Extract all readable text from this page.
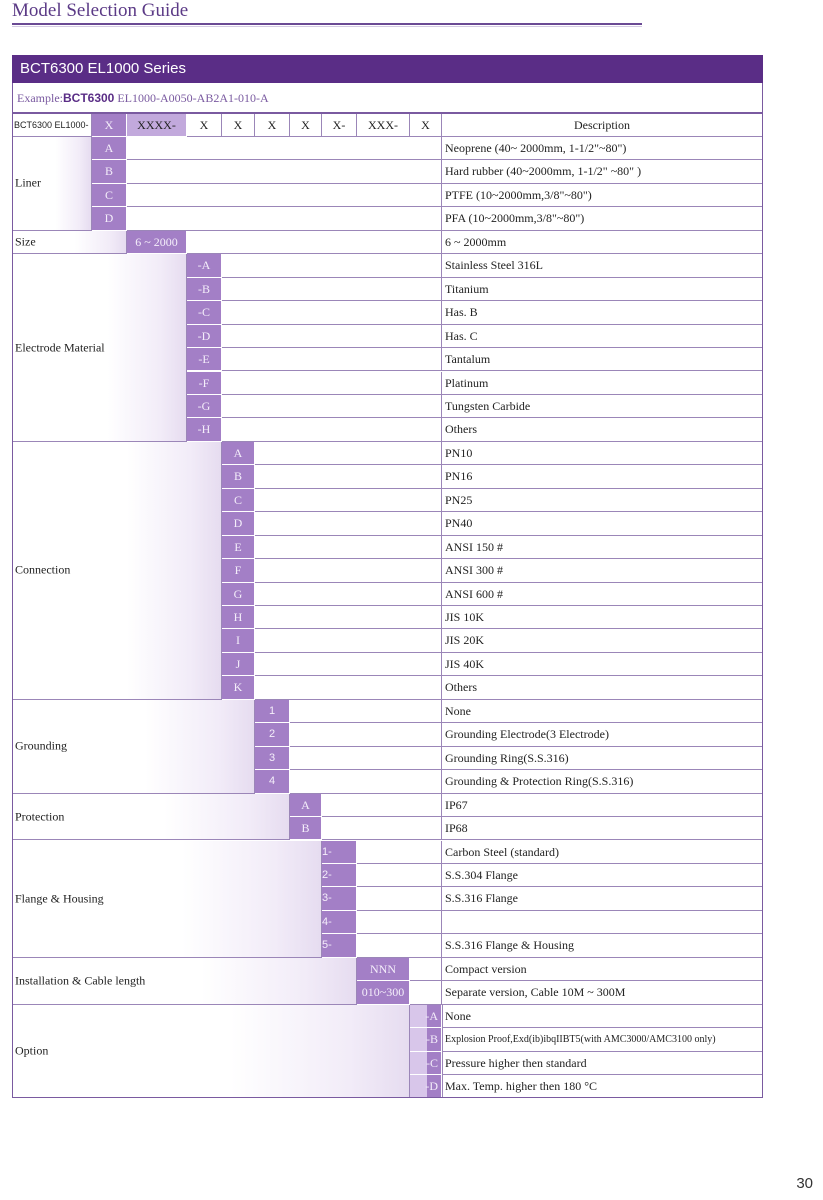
Model Selection Guide
BCT6300 EL1000 Series
Example:BCT6300 EL1000-A0050-AB2A1-010-A
BCT6300 EL1000-	X	XXXX-	X	X	X	X	X-	XXX-	X	Description
Liner
A	Neoprene (40~ 2000mm, 1-1/2"~80")
B	Hard rubber (40~2000mm, 1-1/2" ~80" )
C	PTFE (10~2000mm,3/8"~80")
D	PFA (10~2000mm,3/8"~80")
Size	6 ~ 2000	6 ~ 2000mm
Electrode Material
-A	Stainless Steel 316L
-B	Titanium
-C	Has. B
-D	Has. C
-E	Tantalum
-F	Platinum
-G	Tungsten Carbide
-H	Others
Connection
A	PN10
B	PN16
C	PN25
D	PN40
E	ANSI 150 #
F	ANSI 300 #
G	ANSI 600 #
H	JIS 10K
I	JIS 20K
J	JIS 40K
K	Others
Grounding
1	None
2	Grounding Electrode(3 Electrode)
3	Grounding Ring(S.S.316)
4	Grounding & Protection Ring(S.S.316)
Protection
A	IP67
B	IP68
Flange & Housing
1-	Carbon Steel (standard)
2-	S.S.304 Flange
3-	S.S.316 Flange
4-
5-	S.S.316 Flange & Housing
Installation & Cable length
NNN	Compact version
010~300	Separate version, Cable 10M ~ 300M
Option
-A None
-B Explosion Proof,Exd(ib)ibqIIBT5(with AMC3000/AMC3100 only)
-C Pressure higher then standard
-D Max. Temp. higher then 180 °C
30
